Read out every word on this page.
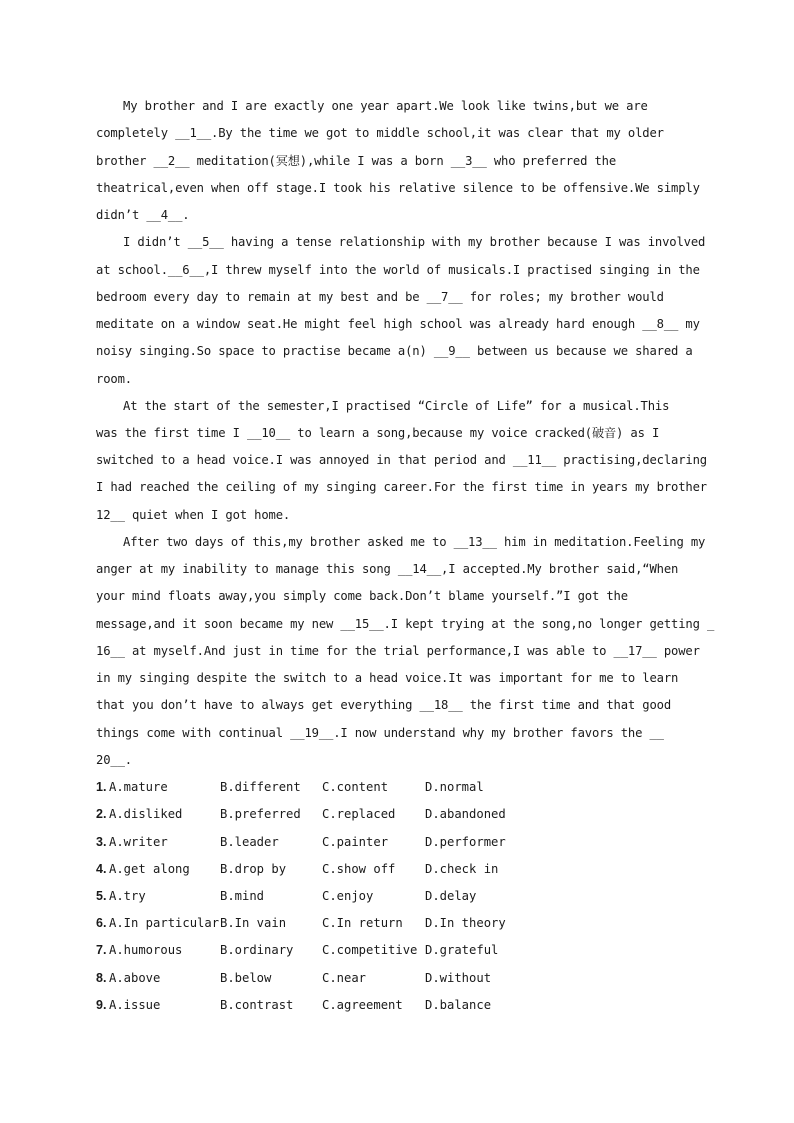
My brother and I are exactly one year apart.We look like twins,but we are
completely __1__.By the time we got to middle school,it was clear that my older
brother __2__ meditation(冥想),while I was a born __3__ who preferred the
theatrical,even when off stage.I took his relative silence to be offensive.We simply
didn’t __4__.
I didn’t __5__ having a tense relationship with my brother because I was involved
at school.__6__,I threw myself into the world of musicals.I practised singing in the
bedroom every day to remain at my best and be __7__ for roles; my brother would
meditate on a window seat.He might feel high school was already hard enough __8__ my
noisy singing.So space to practise became a(n) __9__ between us because we shared a
room.
At the start of the semester,I practised “Circle of Life” for a musical.This
was the first time I __10__ to learn a song,because my voice cracked(破音) as I
switched to a head voice.I was annoyed in that period and __11__ practising,declaring
I had reached the ceiling of my singing career.For the first time in years my brother
12__ quiet when I got home.
After two days of this,my brother asked me to __13__ him in meditation.Feeling my
anger at my inability to manage this song __14__,I accepted.My brother said,“When
your mind floats away,you simply come back.Don’t blame yourself.”I got the
message,and it soon became my new __15__.I kept trying at the song,no longer getting _
16__ at myself.And just in time for the trial performance,I was able to __17__ power
in my singing despite the switch to a head voice.It was important for me to learn
that you don’t have to always get everything __18__ the first time and that good
things come with continual __19__.I now understand why my brother favors the __
20__.

1.

A.mature

	B.different

C.content

	D.normal

2.

A.disliked

	B.preferred

C.replaced

D.abandoned

3.

A.writer

	B.leader

	C.painter

	D.performer

4.

A.get along

B.drop by

	C.show off

D.check in

5.

A.try

	B.mind

	C.enjoy

	D.delay

6.

A.In particular

B.In vain

	C.In return

D.In theory

7.

A.humorous

	B.ordinary

C.competitive

D.grateful

8.

A.above

	B.below

	C.near

	D.without

9.

A.issue

	B.contrast

C.agreement

D.balance
